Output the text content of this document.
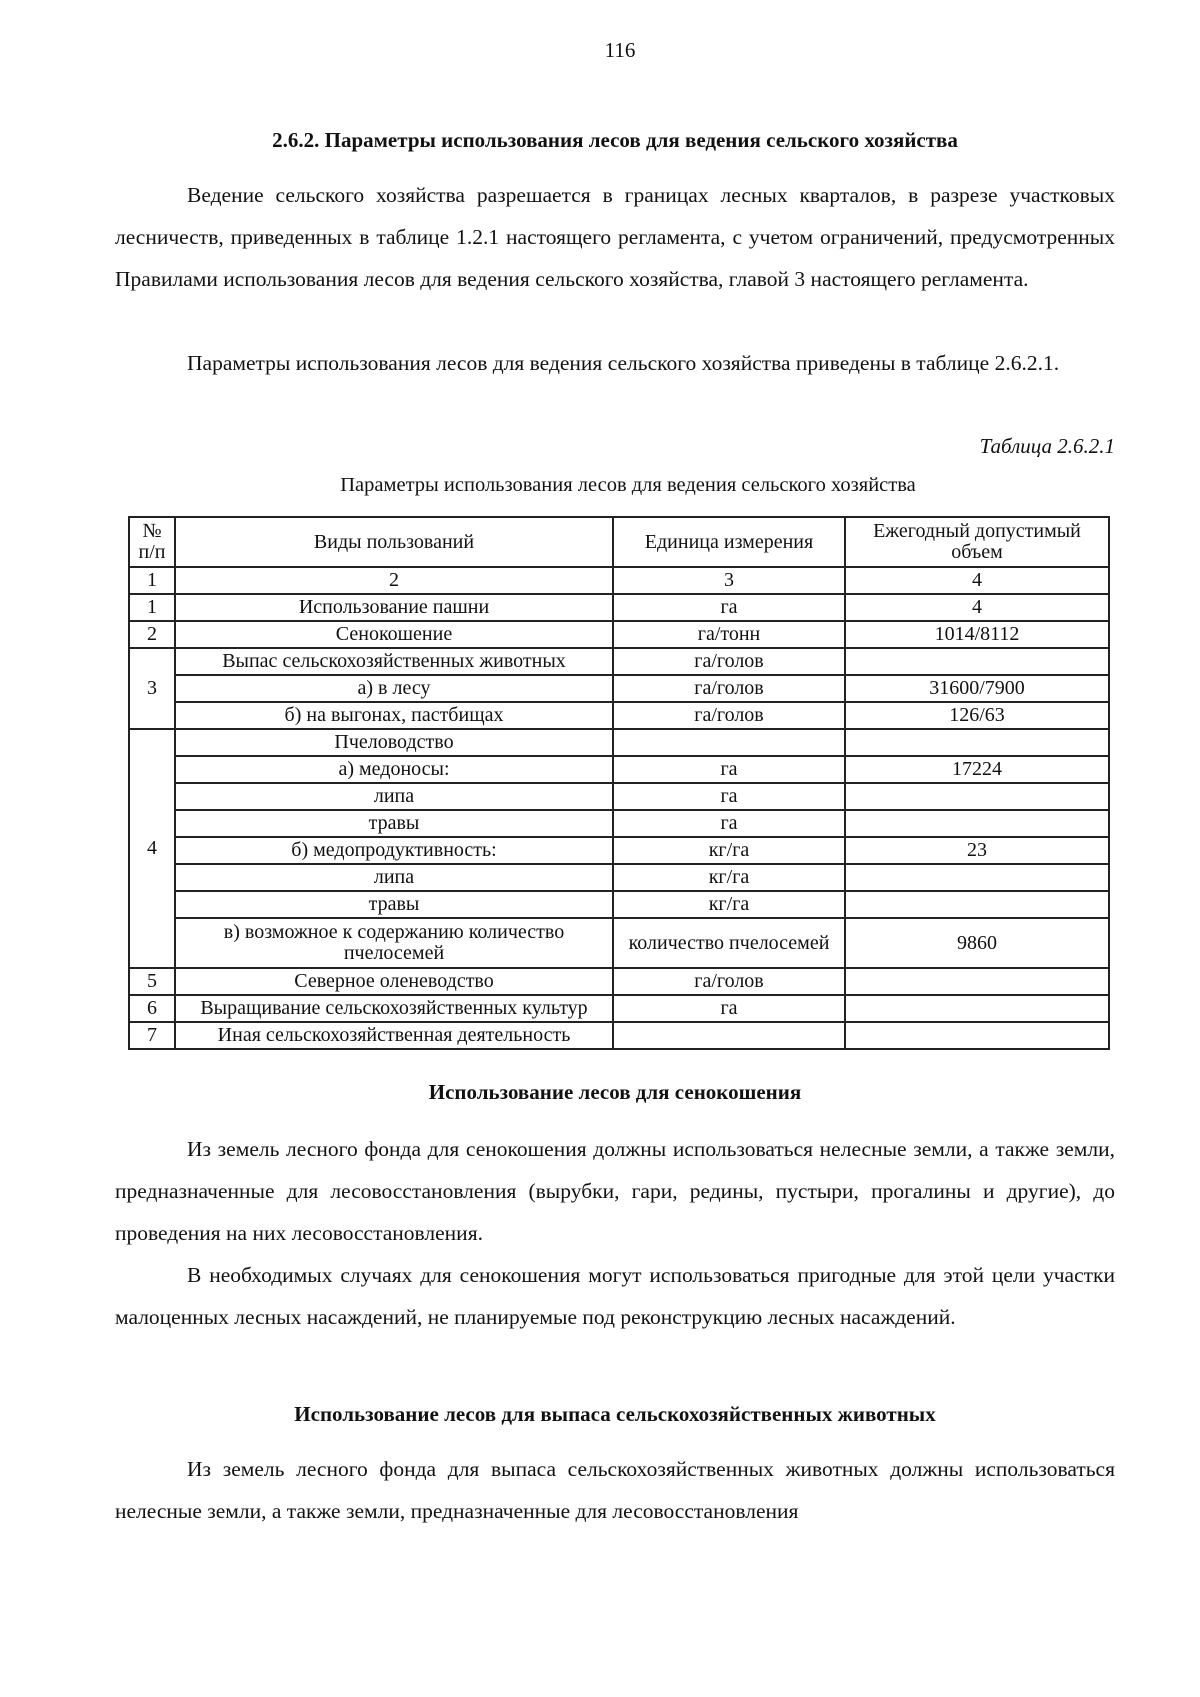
116
2.6.2. Параметры использования лесов для ведения сельского хозяйства

Ведение сельского хозяйства разрешается в границах лесных кварталов, в разрезе участковых лесничеств, приведенных в таблице 1.2.1 настоящего регламента, с учетом ограничений, предусмотренных Правилами использования лесов для ведения сельского хозяйства, главой 3 настоящего регламента.

Параметры использования лесов для ведения сельского хозяйства приведены в таблице 2.6.2.1.

Таблица 2.6.2.1
Параметры использования лесов для ведения сельского хозяйства
№ п/п	Виды пользований	Единица измерения	Ежегодный допустимый объем
1	2	3	4
1	Использование пашни	га	4
2	Сенокошение	га/тонн	1014/8112
3	Выпас сельскохозяйственных животных	га/голов	
	а) в лесу	га/голов	31600/7900
	б) на выгонах, пастбищах	га/голов	126/63
4	Пчеловодство		
	а) медоносы:	га	17224
	липа	га	
	травы	га	
	б) медопродуктивность:	кг/га	23
	липа	кг/га	
	травы	кг/га	
	в) возможное к содержанию количество пчелосемей	количество пчелосемей	9860
5	Северное оленеводство	га/голов	
6	Выращивание сельскохозяйственных культур	га	
7	Иная сельскохозяйственная деятельность		
Использование лесов для сенокошения

Из земель лесного фонда для сенокошения должны использоваться нелесные земли, а также земли, предназначенные для лесовосстановления (вырубки, гари, редины, пустыри, прогалины и другие), до проведения на них лесовосстановления.

В необходимых случаях для сенокошения могут использоваться пригодные для этой цели участки малоценных лесных насаждений, не планируемые под реконструкцию лесных насаждений.

Использование лесов для выпаса сельскохозяйственных животных

Из земель лесного фонда для выпаса сельскохозяйственных животных должны использоваться нелесные земли, а также земли, предназначенные для лесовосстановления
